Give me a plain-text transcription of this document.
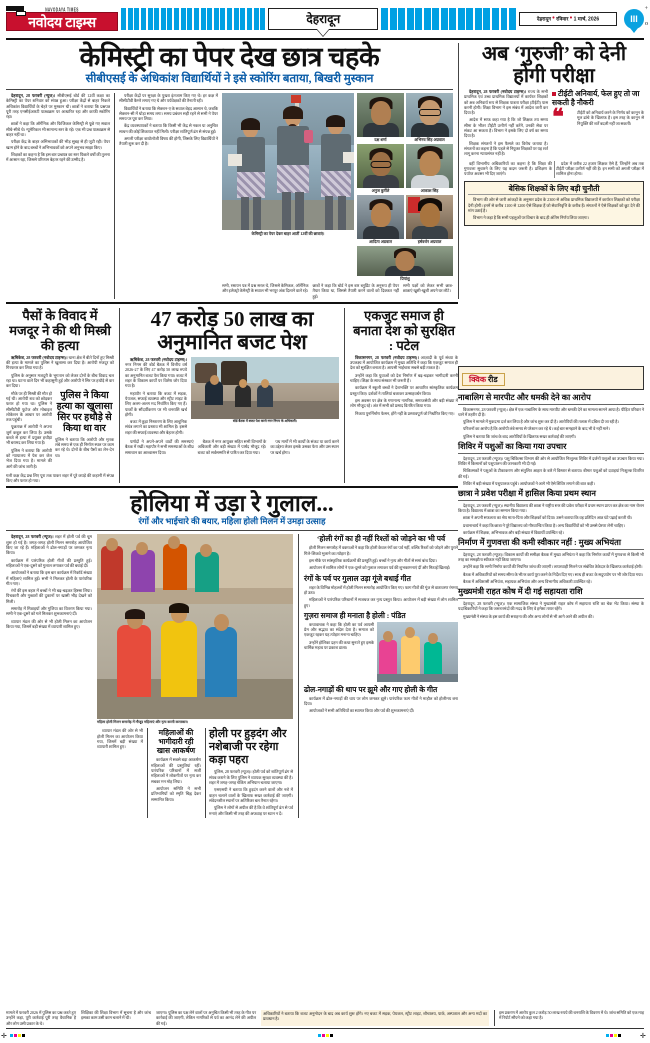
NAVODAYA TIMES
नवोदय टाइम्स	देहरादून	देहरादून • रविवार • 1 मार्च, 2026	III
+
o
केमिस्ट्री का पेपर देख छात्र चहके
सीबीएसई के अधिकांश विद्यार्थियों ने इसे स्कोरिंग बताया, बिखरी मुस्कान

देहरादून, 28 फरवरी (न्यूज)। सीबीएसई बोर्ड की 12वीं कक्षा का केमिस्ट्री का पेपर शनिवार को संपन्न हुआ। परीक्षा केंद्रों से बाहर निकले अधिकांश विद्यार्थियों के चेहरे पर मुस्कान थी। छात्रों ने बताया कि प्रश्नपत्र पूरी तरह एनसीईआरटी पाठ्यक्रम पर आधारित रहा और काफी स्कोरिंग रहा।

छात्रों ने कहा कि ऑर्गेनिक और फिजिकल केमिस्ट्री से पूछे गए सवाल सीधे-सीधे थे। न्यूमेरिकल भी सामान्य स्तर के रहे। एक भी प्रश्न पाठ्यक्रम से बाहर नहीं था।

परीक्षा केंद्र के बाहर अभिभावकों की भीड़ सुबह से ही जुटी रही। पेपर खत्म होने के बाद बच्चों ने अभिभावकों को अपने अनुभव साझा किए।

शिक्षकों का कहना है कि इस बार प्रश्नपत्र का स्तर पिछले वर्षों की तुलना में आसान रहा, जिससे परिणाम बेहतर रहने की उम्मीद है।

परीक्षा केंद्रों पर सुरक्षा के पुख्ता इंतजाम किए गए थे। हर कक्ष में सीसीटीवी कैमरे लगाए गए थे और पर्यवेक्षकों की तैनाती रही।

विद्यार्थियों ने बताया कि सेक्शन-ए के सवाल बेहद आसान थे, जबकि सेक्शन-सी में थोड़ा समय लगा। समय प्रबंधन सही रहने से सभी ने पेपर समय पर पूरा कर लिया।

केंद्र व्यवस्थापकों ने बताया कि किसी भी केंद्र से नकल या अनुचित साधन की कोई शिकायत नहीं मिली। परीक्षा शांतिपूर्ण ढंग से संपन्न हुई।

अगली परीक्षा बायोलॉजी विषय की होगी, जिसके लिए विद्यार्थियों ने तैयारी शुरू कर दी है।

केमिस्ट्री का पेपर देकर बाहर आतीं 12वीं की छात्राएं।
दक्ष शर्मा	अभिनव सिंह अग्रवाल
अनुज कुर्रीले	आकाश सिंह
आदित्य अग्रवाल	हर्षवर्धन अग्रवाल
प्रियांशु
सभी, रसायन पत्र में प्रश्न सरल थे, जिससे केमिकल, ऑर्गेनिक और इलेक्ट्रो केमेस्ट्री के सवाल भी भरपूर अंक दिलाने वाले रहे।
छात्रों ने कहा कि बोर्ड ने इस बार ब्लूप्रिंट के अनुरूप ही पेपर तैयार किया था, जिससे तैयारी करने वालों को दिक्कत नहीं हुई।
सभी पक्षों को लेकर सभी छात्र-छात्राएं खुशी-खुशी अपने घर लौटे।
अब ‘गुरुजी’ को देनी होगी परीक्षा

देहरादून, 28 फरवरी (नवोदय टाइम्स)। राज्य के सभी प्राथमिक एवं उच्च प्राथमिक विद्यालयों में कार्यरत शिक्षकों को अब अनिवार्य रूप से शिक्षक पात्रता परीक्षा (टीईटी) पास करनी होगी। शिक्षा विभाग ने इस संबंध में आदेश जारी कर दिया है।

आदेश में साफ कहा गया है कि जो शिक्षक तय समय सीमा के भीतर टीईटी उत्तीर्ण नहीं करेंगे, उनकी सेवा पर संकट आ सकता है। विभाग ने इसके लिए दो वर्ष का समय दिया है।

शिक्षक संगठनों ने इस फैसले का विरोध जताया है। संगठनों का कहना है कि पहले से नियुक्त शिक्षकों पर यह शर्त लागू करना न्यायसंगत नहीं है।

टीईटी अनिवार्य, फेल हुए तो जा सकती है नौकरी
❝	टीईटी को अनिवार्य करने के निर्णय को कानून के मूल ढांचे के खिलाफ है। इस तरह के कानून से नियुक्ति की शर्तें बदली नहीं जा सकतीं।

वहीं विभागीय अधिकारियों का कहना है कि शिक्षा की गुणवत्ता सुधारने के लिए यह कदम जरूरी है। प्रशिक्षण के पर्याप्त अवसर भी दिए जाएंगे।

प्रदेश में करीब 22 हजार शिक्षक ऐसे हैं, जिन्होंने अब तक टीईटी परीक्षा उत्तीर्ण नहीं की है। इन सभी को अगली परीक्षा में शामिल होना होगा।

बेसिक शिक्षकों के लिए बड़ी चुनौती

विभाग की ओर से जारी आंकड़ों के अनुसार प्रदेश के 2300 से अधिक प्राथमिक विद्यालयों में कार्यरत शिक्षकों को परीक्षा देनी होगी। इनमें से करीब 1100 से 1200 ऐसे शिक्षक हैं जो सेवानिवृत्ति के करीब हैं। संगठनों ने ऐसे शिक्षकों को छूट देने की मांग उठाई है।

विभाग ने कहा है कि सभी पहलुओं पर विचार के बाद ही अंतिम निर्णय लिया जाएगा।

पैसों के विवाद में मजदूर ने की थी मिस्त्री की हत्या

ऋषिकेश, 28 फरवरी (नवोदय टाइम्स)। थाना क्षेत्र में बीते दिनों हुए मिस्त्री की हत्या के मामले का पुलिस ने खुलासा कर दिया है। आरोपी मजदूर को गिरफ्तार कर लिया गया है।

पुलिस के अनुसार मजदूरी के भुगतान को लेकर दोनों के बीच विवाद चल रहा था। घटना वाले दिन भी कहासुनी हुई और आरोपी ने सिर पर हथौड़े से वार कर दिया।

मौके पर ही मिस्त्री की मौत हो गई थी। आरोपी शव को छोड़कर फरार हो गया था। पुलिस ने सीसीटीवी फुटेज और मोबाइल लोकेशन के आधार पर आरोपी तक पहुंची।

पूछताछ में आरोपी ने अपना जुर्म कबूल कर लिया है। उसके कब्जे से हत्या में प्रयुक्त हथौड़ा भी बरामद कर लिया गया है।

पुलिस ने बताया कि आरोपी को न्यायालय में पेश कर जेल भेज दिया गया है। मामले की आगे की जांच जारी है।

पुलिस ने किया हत्या का खुलासा सिर पर हथौड़े से किया था वार
पुलिस ने बताया कि आरोपी और मृतक लंबे समय से एक ही निर्माण स्थल पर काम कर रहे थे। दोनों के बीच पैसों का लेन-देन था।
गली कक्ष केंद्र प्रश्न लिए पूरा तक पाकर शहर में पूरे कपड़े की कहानी में संपन्न किए और फरार हो गया।
47 करोड़ 50 लाख का
अनुमानित बजट पेश

ऋषिकेश, 28 फरवरी (नवोदय टाइम्स)। नगर निगम की बोर्ड बैठक में वित्तीय वर्ष 2026-27 के लिए 47 करोड़ 50 लाख रुपये का अनुमानित बजट पेश किया गया। बजट में शहर के विकास कार्यों पर विशेष जोर दिया गया है।

महापौर ने बताया कि बजट में सड़क, पेयजल, सफाई व्यवस्था और स्ट्रीट लाइट के लिए अलग-अलग मद निर्धारित किए गए हैं। पार्कों के सौंदर्यीकरण पर भी धनराशि खर्च होगी।

बजट में कूड़ा निस्तारण के लिए आधुनिक संयंत्र लगाने का प्रस्ताव भी शामिल है। इससे शहर की सफाई व्यवस्था और बेहतर होगी।

बोर्ड बैठक में बजट पेश करते नगर निगम के अधिकारी।

पार्षदों ने अपने-अपने वार्डों की समस्याएं बैठक में रखीं। महापौर ने सभी समस्याओं के शीघ्र समाधान का आश्वासन दिया।

बैठक में नगर आयुक्त सहित सभी विभागों के अधिकारी और बड़ी संख्या में पार्षद मौजूद रहे। बजट को सर्वसम्मति से पारित कर दिया गया।

पथ मार्गों में भी कार्यों के संकट या कार्य करने का उद्देश्य लेकर इसके उसका फेरा और उस स्थान पर खर्च होगा।

एकजुट समाज ही बनाता देश को सुरक्षित : पटेल

विकासनगर, 28 फरवरी (नवोदय टाइम्स)। आज़ादी के पूर्व संध्या के उपलक्ष्य में आयोजित कार्यक्रम में मुख्य अतिथि ने कहा कि एकजुट समाज ही देश को सुरक्षित बनाता है। आपसी भाईचारा सबसे बड़ी ताकत है।

उन्होंने कहा कि युवाओं को देश निर्माण में बढ़-चढ़कर भागीदारी करनी चाहिए। शिक्षा के साथ संस्कार भी जरूरी हैं।

कार्यक्रम में स्कूली बच्चों ने देशभक्ति पर आधारित सांस्कृतिक कार्यक्रम प्रस्तुत किए। दर्शकों ने तालियां बजाकर उत्साहवर्धन किया।

इस अवसर पर क्षेत्र के गणमान्य नागरिक, समाजसेवी और बड़ी संख्या में लोग मौजूद रहे। अंत में सभी को प्रसाद वितरित किया गया।

निकाय पुनर्निर्माण फेसन, होंगे नहीं के प्रस्तावपूर्ण जो निर्धारित किए गए।

होलिया में उड़ा रे गुलाल...
रंगों और भाईचारे की बयार, महिला होली मिलन में उमड़ा उत्साह

देहरादून, 28 फरवरी (न्यूज)। शहर में होली पर्व की धूम शुरू हो गई है। जगह-जगह होली मिलन समारोह आयोजित किए जा रहे हैं। महिलाओं ने ढोल-नगाड़ों पर जमकर नृत्य किया।

कार्यक्रम में पारंपरिक होली गीतों की प्रस्तुति हुई। महिलाओं ने एक-दूसरे को गुलाल लगाकर पर्व की बधाई दी।

आयोजकों ने बताया कि इस बार कार्यक्रम में रिकॉर्ड संख्या में महिलाएं शामिल हुईं। सभी ने मिलकर होली के पारंपरिक गीत गाए।

रंगों की इस बहार में बच्चों ने भी बढ़-चढ़कर हिस्सा लिया। पिचकारी और गुब्बारों की दुकानों पर खासी भीड़ देखने को मिली।

समारोह में मिठाइयों और गुजिया का वितरण किया गया। सभी ने एक-दूसरे को गले मिलकर शुभकामनाएं दीं।

व्यापार मंडल की ओर से भी होली मिलन का आयोजन किया गया, जिसमें बड़ी संख्या में व्यापारी शामिल हुए।

महिला होली मिलन समारोह में मौजूद महिलाएं और नृत्य करती कलाकार।

व्यापार मंडल की ओर से भी होली मिलन का आयोजन किया गया, जिसमें बड़ी संख्या में व्यापारी शामिल हुए।

महिलाओं की भागीदारी रही खास आकर्षण

कार्यक्रम में सबसे बड़ा आकर्षण महिलाओं की प्रस्तुतियां रहीं। पारंपरिक परिधानों में सजीं महिलाओं ने लोकगीतों पर नृत्य कर सबका मन मोह लिया।

आयोजन समिति ने सभी प्रतिभागियों को स्मृति चिह्न देकर सम्मानित किया।

होली पर हुड़दंग और नशेबाजी पर रहेगा कड़ा पहरा

पुलिस, 28 फरवरी (न्यूज)। होली पर्व को शांतिपूर्ण ढंग से संपन्न कराने के लिए पुलिस ने व्यापक सुरक्षा व्यवस्था की है। शहर में जगह-जगह चेकिंग अभियान चलाया जाएगा।

एसएसपी ने बताया कि हुड़दंग करने वालों और नशे में वाहन चलाने वालों के खिलाफ सख्त कार्रवाई की जाएगी। संवेदनशील स्थानों पर अतिरिक्त बल तैनात रहेगा।

पुलिस ने लोगों से अपील की है कि वे शांतिपूर्ण ढंग से पर्व मनाएं और किसी भी तरह की अफवाह पर ध्यान न दें।

‘होली रंगों का ही नहीं रिश्तों को जोड़ने का भी पर्व

होली मिलन समारोह में वक्ताओं ने कहा कि होली केवल रंगों का पर्व नहीं, बल्कि रिश्तों को जोड़ने और पुराने गिले-शिकवे भुलाने का त्योहार है।

इस मौके पर सांस्कृतिक कार्यक्रमों की प्रस्तुति हुई। बच्चों ने नृत्य और गीतों से समां बांध दिया।

आयोजन में शामिल लोगों ने एक-दूसरे को गुलाल लगाकर पर्व की शुभकामनाएं दीं और मिठाई खिलाई।

रंगों के पर्व पर गुलाल उड़ा गूंजे बधाई गीत

शहर के विभिन्न मोहल्लों में होली मिलन समारोह आयोजित किए गए। फाग गीतों की गूंज से वातावरण रंगमय हो उठा।

महिलाओं ने पारंपरिक परिधानों में सजधज कर नृत्य प्रस्तुत किया। आयोजन में बड़ी संख्या में लोग शामिल हुए।

गुज़रा समाज ही मनाता है होली : पंडित

कथावाचक ने कहा कि होली का पर्व आपसी प्रेम और सद्भाव का संदेश देता है। समाज को एकजुट रहकर यह त्योहार मनाना चाहिए।

उन्होंने होलिका दहन की कथा सुनाते हुए इसके धार्मिक महत्व पर प्रकाश डाला।

ढोल-नगाड़ों की थाप पर झूमे और गाए होली के गीत

कार्यक्रम में ढोल-नगाड़ों की थाप पर लोग जमकर झूमे। पारंपरिक फाग गीतों ने माहौल को होलीमय बना दिया।

आयोजकों ने सभी अतिथियों का स्वागत किया और पर्व की शुभकामनाएं दीं।

क्विक रीड
नाबालिग से मारपीट और धमकी देने का आरोप

विकासनगर, 28 फरवरी (न्यूज)। क्षेत्र में एक नाबालिग के साथ मारपीट और धमकी देने का मामला सामने आया है। पीड़ित परिवार ने थाने में तहरीर दी है।

पुलिस ने मामले में मुकदमा दर्ज कर लिया है और जांच शुरू कर दी है। आरोपियों की तलाश में दबिश दी जा रही है।

परिजनों का आरोप है कि आरोपी लंबे समय से परेशान कर रहे थे। कई बार समझाने के बाद भी वे नहीं माने।

पुलिस ने बताया कि जांच के बाद आरोपियों के खिलाफ सख्त कार्रवाई की जाएगी।

शिविर में पशुओं का किया गया उपचार

देहरादून, 28 फरवरी (न्यूज)। पशु चिकित्सा विभाग की ओर से आयोजित निःशुल्क शिविर में दर्जनों पशुओं का उपचार किया गया। शिविर में किसानों को पशुपालन की जानकारी भी दी गई।

चिकित्सकों ने पशुओं के टीकाकरण और संतुलित आहार के बारे में विस्तार से बताया। बीमार पशुओं को दवाइयां निःशुल्क वितरित की गईं।

शिविर में बड़ी संख्या में पशुपालक पहुंचे। आयोजकों ने आगे भी ऐसे शिविर लगाने की बात कही।

छात्रा ने प्रवेश परीक्षा में हासिल किया प्रथम स्थान

देहरादून, 28 फरवरी (न्यूज)। स्थानीय विद्यालय की छात्रा ने राष्ट्रीय स्तर की प्रवेश परीक्षा में प्रथम स्थान प्राप्त कर क्षेत्र का नाम रोशन किया है। विद्यालय में छात्रा का सम्मान किया गया।

छात्रा ने अपनी सफलता का श्रेय माता-पिता और शिक्षकों को दिया। उसने बताया कि वह प्रतिदिन आठ घंटे पढ़ाई करती थी।

प्रधानाचार्य ने कहा कि छात्रा ने पूरे विद्यालय को गौरवान्वित किया है। अन्य विद्यार्थियों को भी उससे प्रेरणा लेनी चाहिए।

कार्यक्रम में शिक्षक, अभिभावक और बड़ी संख्या में विद्यार्थी उपस्थित रहे।

निर्माण में गुणवत्ता की कमी स्वीकार नहीं : मुख्य अभियंता

देहरादून, 28 फरवरी (न्यूज)। विकास कार्यों की समीक्षा बैठक में मुख्य अभियंता ने कहा कि निर्माण कार्यों में गुणवत्ता से किसी भी तरह का समझौता स्वीकार नहीं किया जाएगा।

उन्होंने कहा कि सभी निर्माण कार्यों की नियमित जांच की जाएगी। लापरवाही मिलने पर संबंधित ठेकेदार के खिलाफ कार्रवाई होगी।

बैठक में अधिकारियों को समय सीमा के भीतर कार्य पूरा करने के निर्देश दिए गए। साथ ही बजट के सदुपयोग पर भी जोर दिया गया।

बैठक में अधिशासी अभियंता, सहायक अभियंता और अन्य विभागीय अधिकारी उपस्थित रहे।

मुख्यमंत्री राहत कोष में दी गई सहायता राशि

देहरादून, 28 फरवरी (न्यूज)। एक सामाजिक संस्था ने मुख्यमंत्री राहत कोष में सहायता राशि का चेक भेंट किया। संस्था के पदाधिकारियों ने कहा कि जरूरतमंदों की मदद के लिए वे हमेशा तत्पर रहेंगे।

मुख्यमंत्री ने संस्था के इस कार्य की सराहना की और अन्य लोगों से भी आगे आने की अपील की।

मामले में फरवरी 2026 में पुलिस का प्रश्न करते हुए उन्होंने कहा, पूरी कार्रवाई पूरी तरह वैधानिक है और लोग उसी प्रकार के थे।
शिक्षिका की शिक्षा विभाग में सूचना है और जांच इसका काम उसी काम चलाने में थी।
जाएगा। पुलिस का पक्ष लेने वालों पर अनुचित किसी भी तरह के गीत पर कार्रवाई की जाएगी, लेकिन नागरिकों से पर्व का आनंद लेने की अपील की गई।
अधिकारियों ने बताया कि बजट अनुमोदन के बाद अब कार्य शुरू होंगे। नए बजट में सड़क, पेयजल, स्ट्रीट लाइट, शौचालय, पार्क, अस्पताल और अन्य मदों का प्रावधान है।
इस प्रकरण में आरोप कुल 2 करोड़ 50 लाख रुपये की धनराशि के विवरण में थे। जांच समिति को एक माह में रिपोर्ट सौंपने को कहा गया है।
✛	✛
